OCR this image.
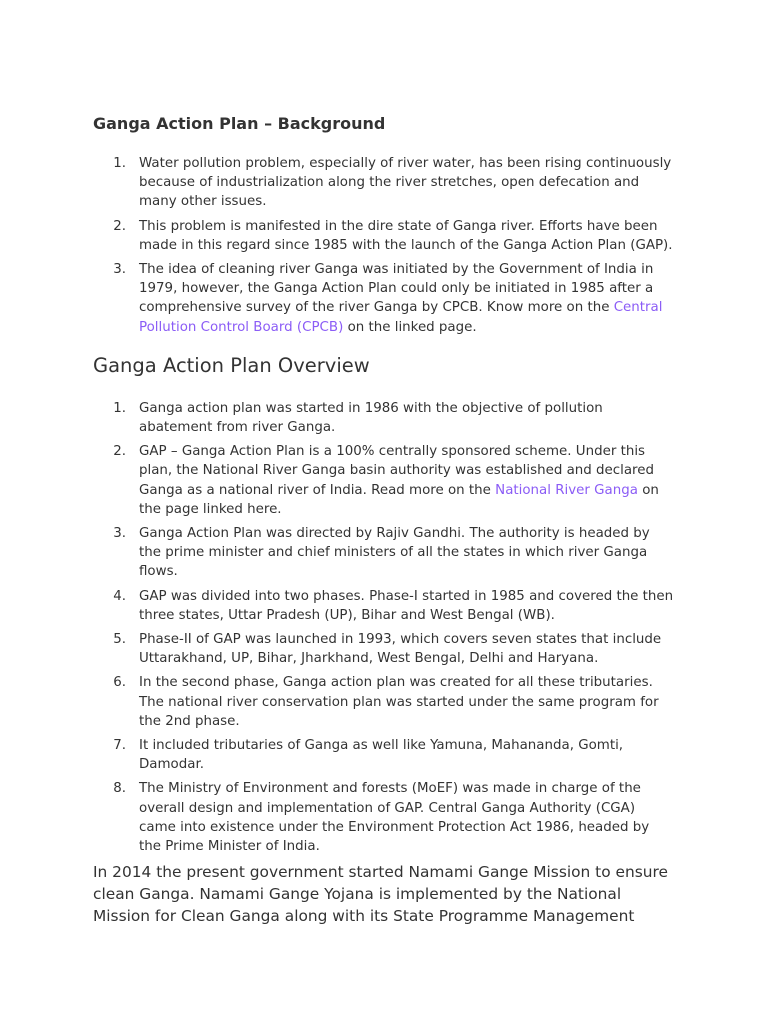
Ganga Action Plan – Background
1. Water pollution problem, especially of river water, has been rising continuously because of industrialization along the river stretches, open defecation and many other issues.
2. This problem is manifested in the dire state of Ganga river. Efforts have been made in this regard since 1985 with the launch of the Ganga Action Plan (GAP).
3. The idea of cleaning river Ganga was initiated by the Government of India in 1979, however, the Ganga Action Plan could only be initiated in 1985 after a comprehensive survey of the river Ganga by CPCB. Know more on the Central Pollution Control Board (CPCB) on the linked page.
Ganga Action Plan Overview
1. Ganga action plan was started in 1986 with the objective of pollution abatement from river Ganga.
2. GAP – Ganga Action Plan is a 100% centrally sponsored scheme. Under this plan, the National River Ganga basin authority was established and declared Ganga as a national river of India. Read more on the National River Ganga on the page linked here.
3. Ganga Action Plan was directed by Rajiv Gandhi. The authority is headed by the prime minister and chief ministers of all the states in which river Ganga flows.
4. GAP was divided into two phases. Phase-I started in 1985 and covered the then three states, Uttar Pradesh (UP), Bihar and West Bengal (WB).
5. Phase-II of GAP was launched in 1993, which covers seven states that include Uttarakhand, UP, Bihar, Jharkhand, West Bengal, Delhi and Haryana.
6. In the second phase, Ganga action plan was created for all these tributaries. The national river conservation plan was started under the same program for the 2nd phase.
7. It included tributaries of Ganga as well like Yamuna, Mahananda, Gomti, Damodar.
8. The Ministry of Environment and forests (MoEF) was made in charge of the overall design and implementation of GAP. Central Ganga Authority (CGA) came into existence under the Environment Protection Act 1986, headed by the Prime Minister of India.

In 2014 the present government started Namami Gange Mission to ensure clean Ganga. Namami Gange Yojana is implemented by the National Mission for Clean Ganga along with its State Programme Management
